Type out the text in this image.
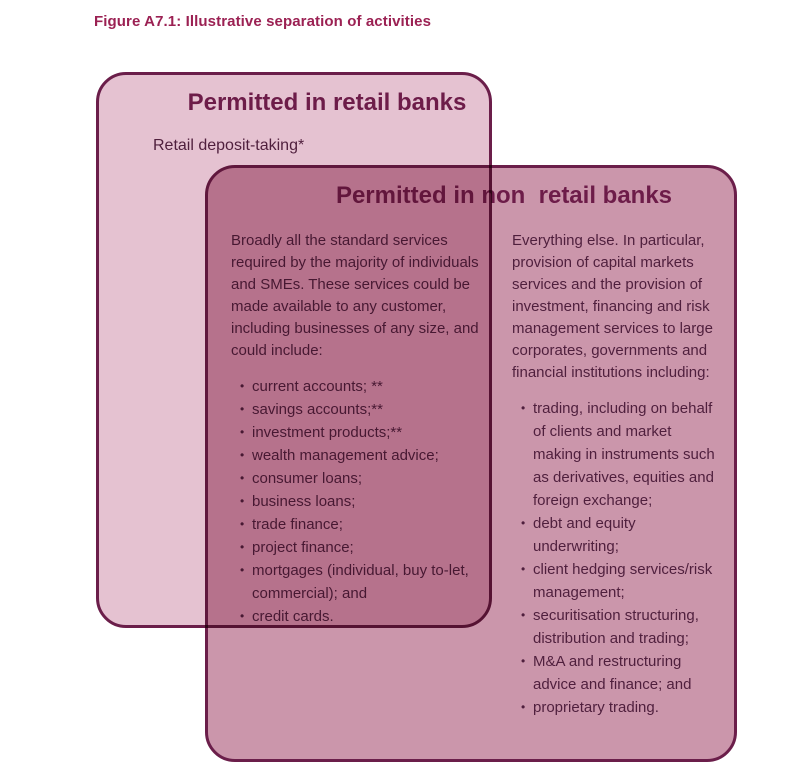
Figure A7.1: Illustrative separation of activities
Permitted in retail banks
Retail deposit-taking*
Permitted in non  retail banks

Broadly all the standard services required by the majority of individuals and SMEs. These services could be made available to any customer, including businesses of any size, and could include:

• current accounts; **
• savings accounts;**
• investment products;**
• wealth management advice;
• consumer loans;
• business loans;
• trade finance;
• project finance;
• mortgages (individual, buy to-let, commercial); and
• credit cards.

Everything else. In particular, provision of capital markets services and the provision of investment, financing and risk management services to large corporates, governments and financial institutions including:

• trading, including on behalf of clients and market making in instruments such as derivatives, equities and foreign exchange;
• debt and equity underwriting;
• client hedging services/risk management;
• securitisation structuring, distribution and trading;
• M&A and restructuring advice and finance; and
• proprietary trading.
